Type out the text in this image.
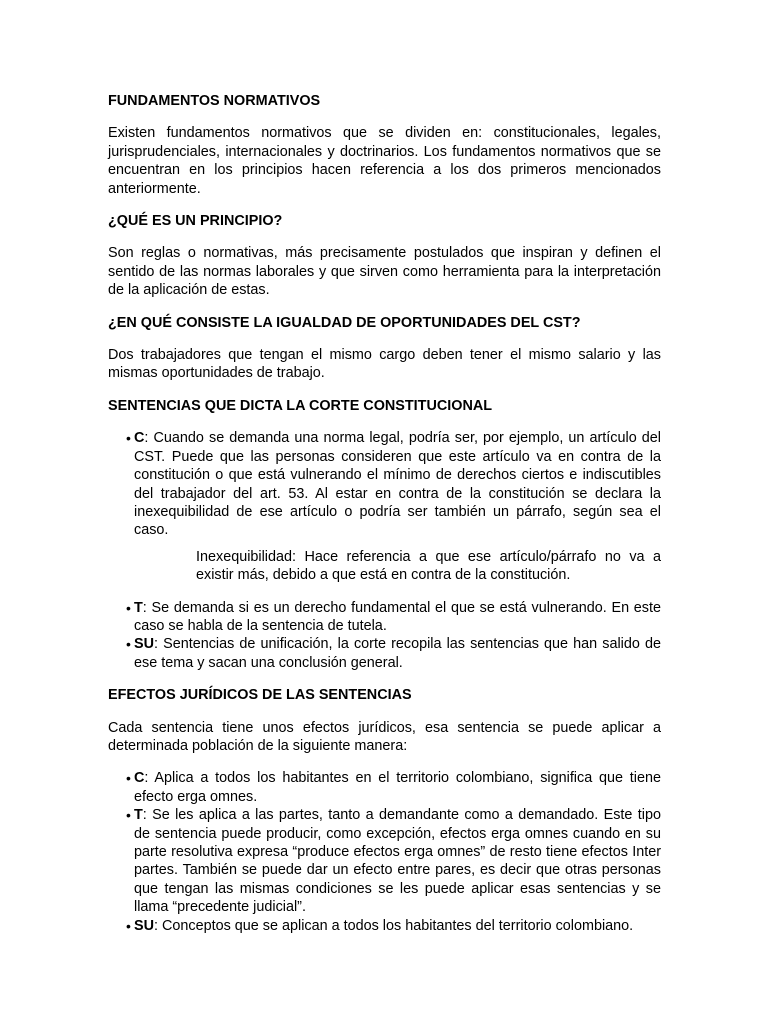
FUNDAMENTOS NORMATIVOS

Existen fundamentos normativos que se dividen en: constitucionales, legales, jurisprudenciales, internacionales y doctrinarios. Los fundamentos normativos que se encuentran en los principios hacen referencia a los dos primeros mencionados anteriormente.

¿QUÉ ES UN PRINCIPIO?

Son reglas o normativas, más precisamente postulados que inspiran y definen el sentido de las normas laborales y que sirven como herramienta para la interpretación de la aplicación de estas.

¿EN QUÉ CONSISTE LA IGUALDAD DE OPORTUNIDADES DEL CST?

Dos trabajadores que tengan el mismo cargo deben tener el mismo salario y las mismas oportunidades de trabajo.

SENTENCIAS QUE DICTA LA CORTE CONSTITUCIONAL
•
C: Cuando se demanda una norma legal, podría ser, por ejemplo, un artículo del CST. Puede que las personas consideren que este artículo va en contra de la constitución o que está vulnerando el mínimo de derechos ciertos e indiscutibles del trabajador del art. 53. Al estar en contra de la constitución se declara la inexequibilidad de ese artículo o podría ser también un párrafo, según sea el caso.

Inexequibilidad: Hace referencia a que ese artículo/párrafo no va a existir más, debido a que está en contra de la constitución.

•
T: Se demanda si es un derecho fundamental el que se está vulnerando. En este caso se habla de la sentencia de tutela.
•
SU: Sentencias de unificación, la corte recopila las sentencias que han salido de ese tema y sacan una conclusión general.
EFECTOS JURÍDICOS DE LAS SENTENCIAS

Cada sentencia tiene unos efectos jurídicos, esa sentencia se puede aplicar a determinada población de la siguiente manera:

•
C: Aplica a todos los habitantes en el territorio colombiano, significa que tiene efecto erga omnes.
•
T: Se les aplica a las partes, tanto a demandante como a demandado. Este tipo de sentencia puede producir, como excepción, efectos erga omnes cuando en su parte resolutiva expresa “produce efectos erga omnes” de resto tiene efectos Inter partes. También se puede dar un efecto entre pares, es decir que otras personas que tengan las mismas condiciones se les puede aplicar esas sentencias y se llama “precedente judicial”.
•
SU: Conceptos que se aplican a todos los habitantes del territorio colombiano.
